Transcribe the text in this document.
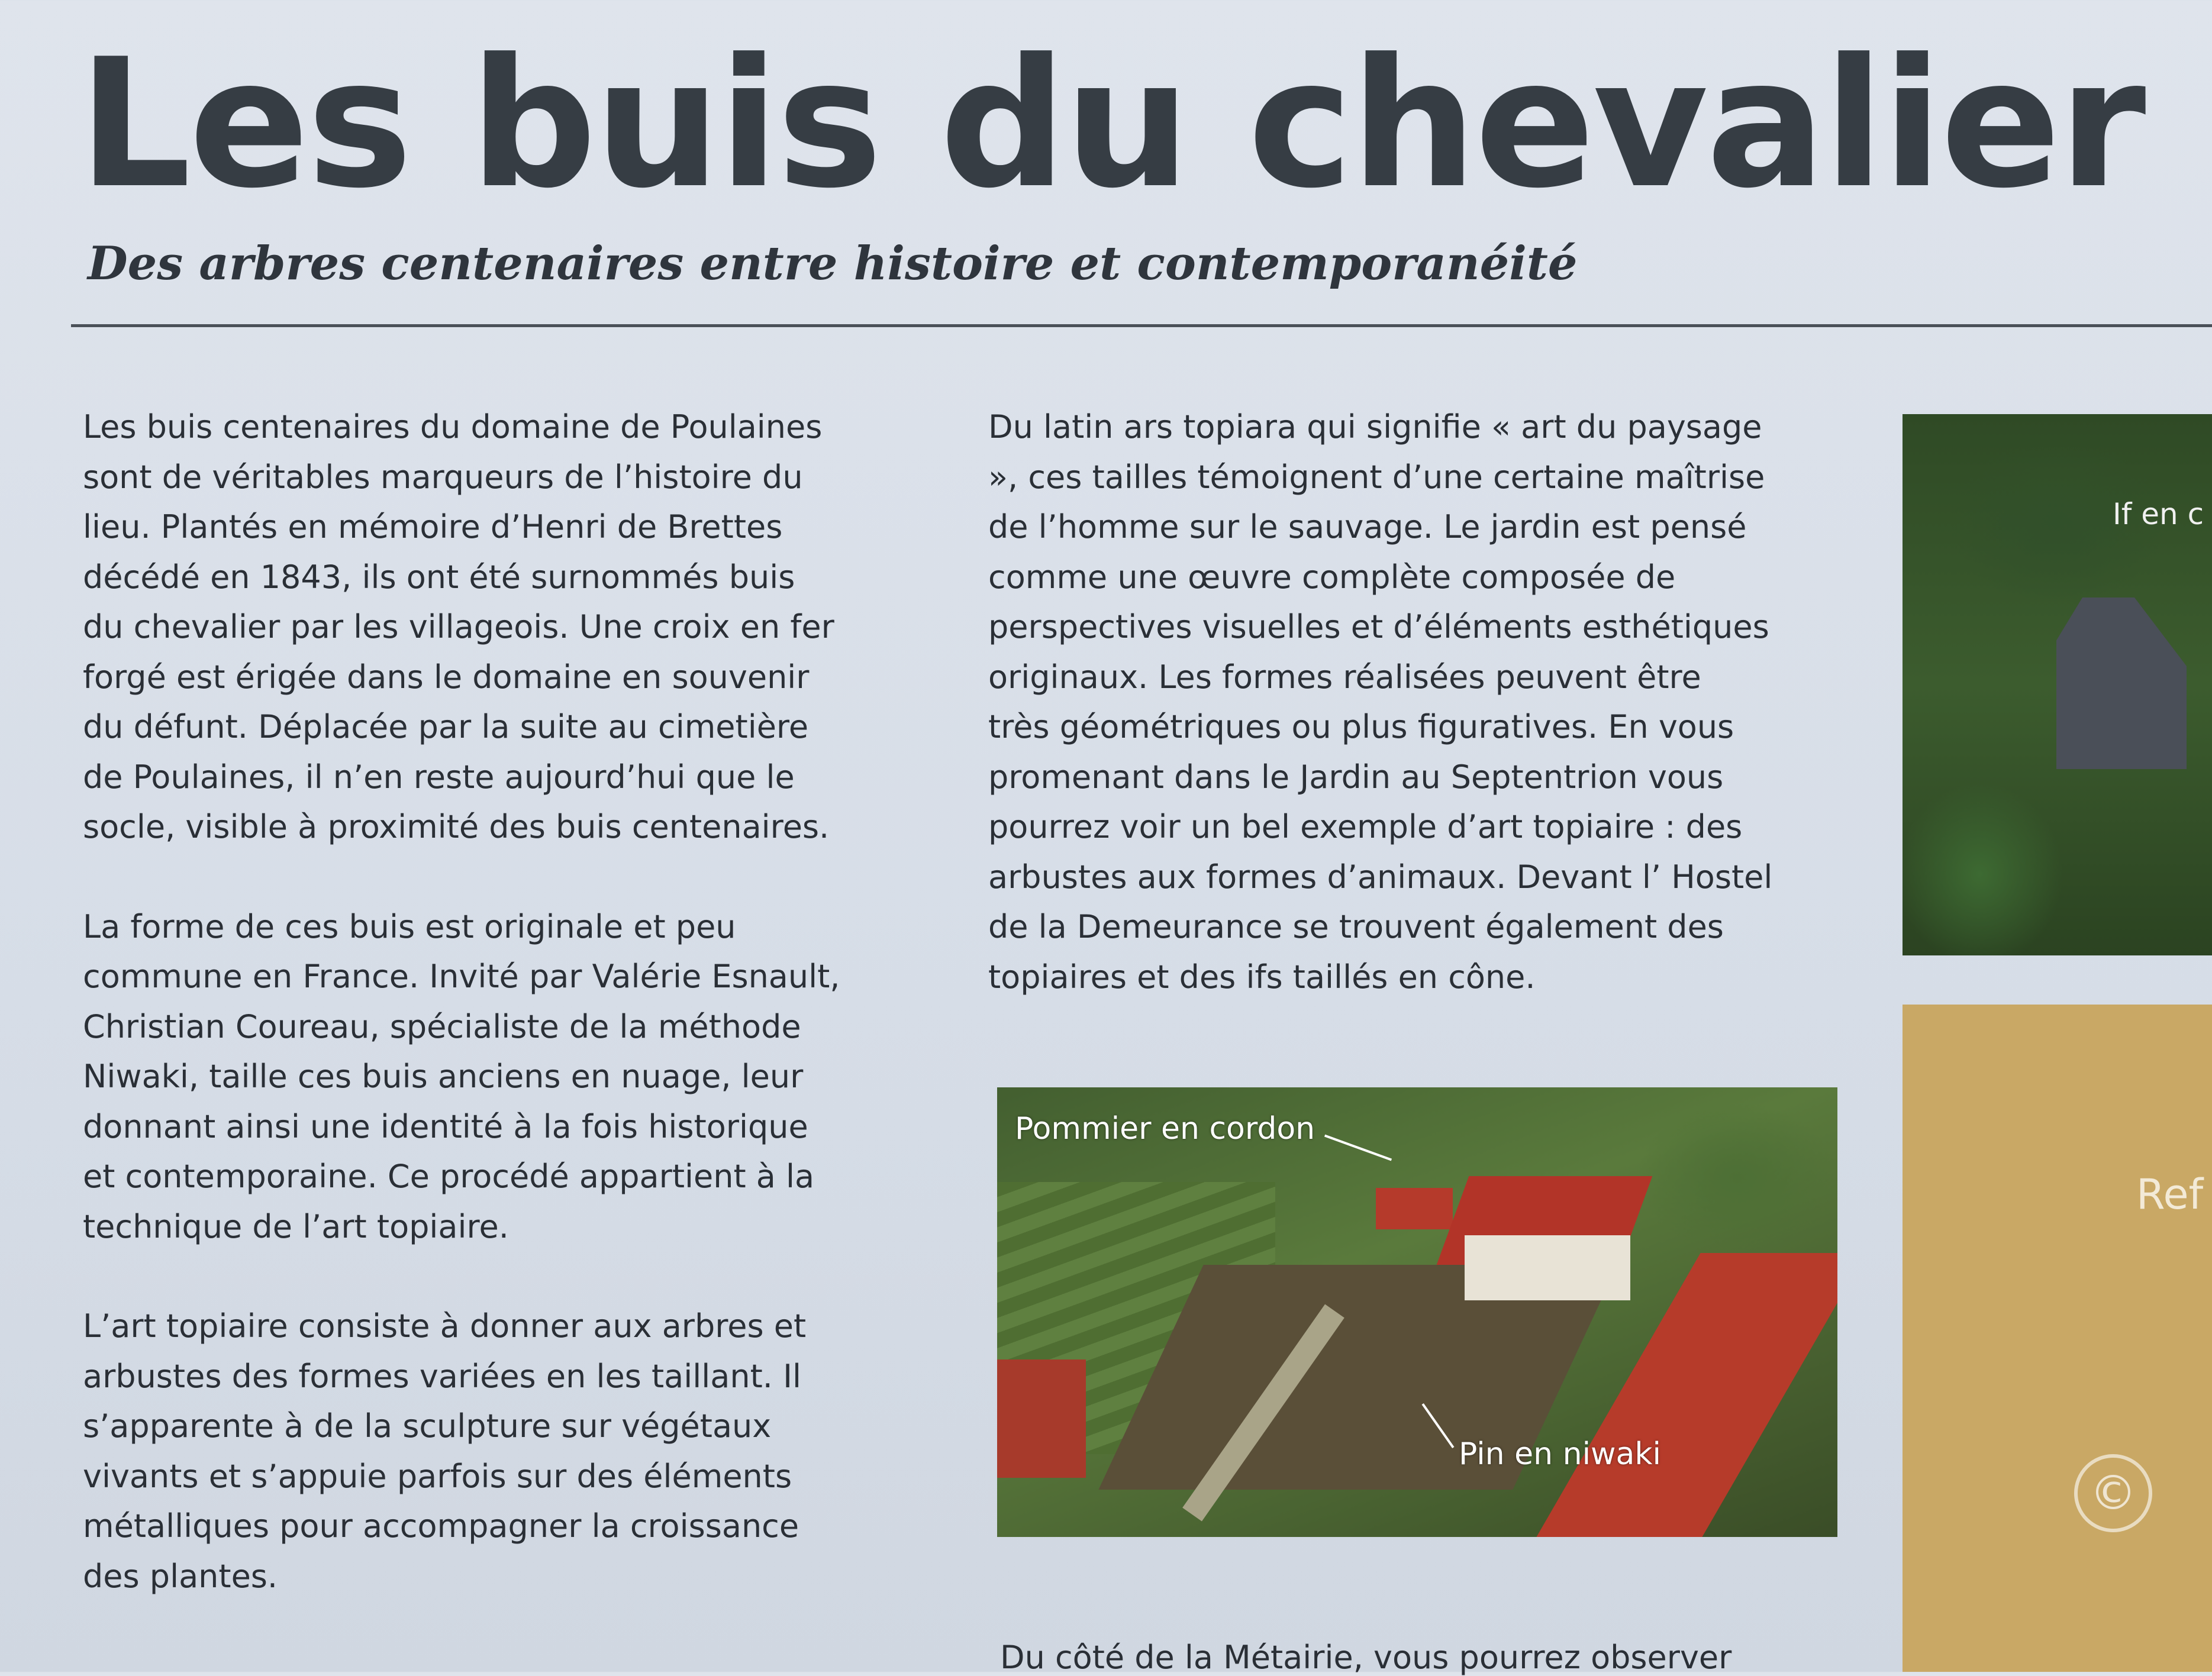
Les buis du chevalier
Des arbres centenaires entre histoire et contemporanéité

Les buis centenaires du domaine de Poulaines

sont de véritables marqueurs de l’histoire du

lieu. Plantés en mémoire d’Henri de Brettes

décédé en 1843, ils ont été surnommés buis

du chevalier par les villageois. Une croix en fer

forgé est érigée dans le domaine en souvenir

du défunt. Déplacée par la suite au cimetière

de Poulaines, il n’en reste aujourd’hui que le

socle, visible à proximité des buis centenaires.

La forme de ces buis est originale et peu

commune en France. Invité par Valérie Esnault,

Christian Coureau, spécialiste de la méthode

Niwaki, taille ces buis anciens en nuage, leur

donnant ainsi une identité à la fois historique

et contemporaine. Ce procédé appartient à la

technique de l’art topiaire.

L’art topiaire consiste à donner aux arbres et

arbustes des formes variées en les taillant. Il

s’apparente à de la sculpture sur végétaux

vivants et s’appuie parfois sur des éléments

métalliques pour accompagner la croissance

des plantes.

Du latin ars topiara qui signifie « art du paysage

», ces tailles témoignent d’une certaine maîtrise

de l’homme sur le sauvage. Le jardin est pensé

comme une œuvre complète composée de

perspectives visuelles et d’éléments esthétiques

originaux. Les formes réalisées peuvent être

très géométriques ou plus figuratives. En vous

promenant dans le Jardin au Septentrion vous

pourrez voir un bel exemple d’art topiaire : des

arbustes aux formes d’animaux. Devant l’ Hostel

de la Demeurance se trouvent également des

topiaires et des ifs taillés en cône.

Pommier en cordon
Pin en niwaki
If en c
Ref
©
Du côté de la Métairie, vous pourrez observer
